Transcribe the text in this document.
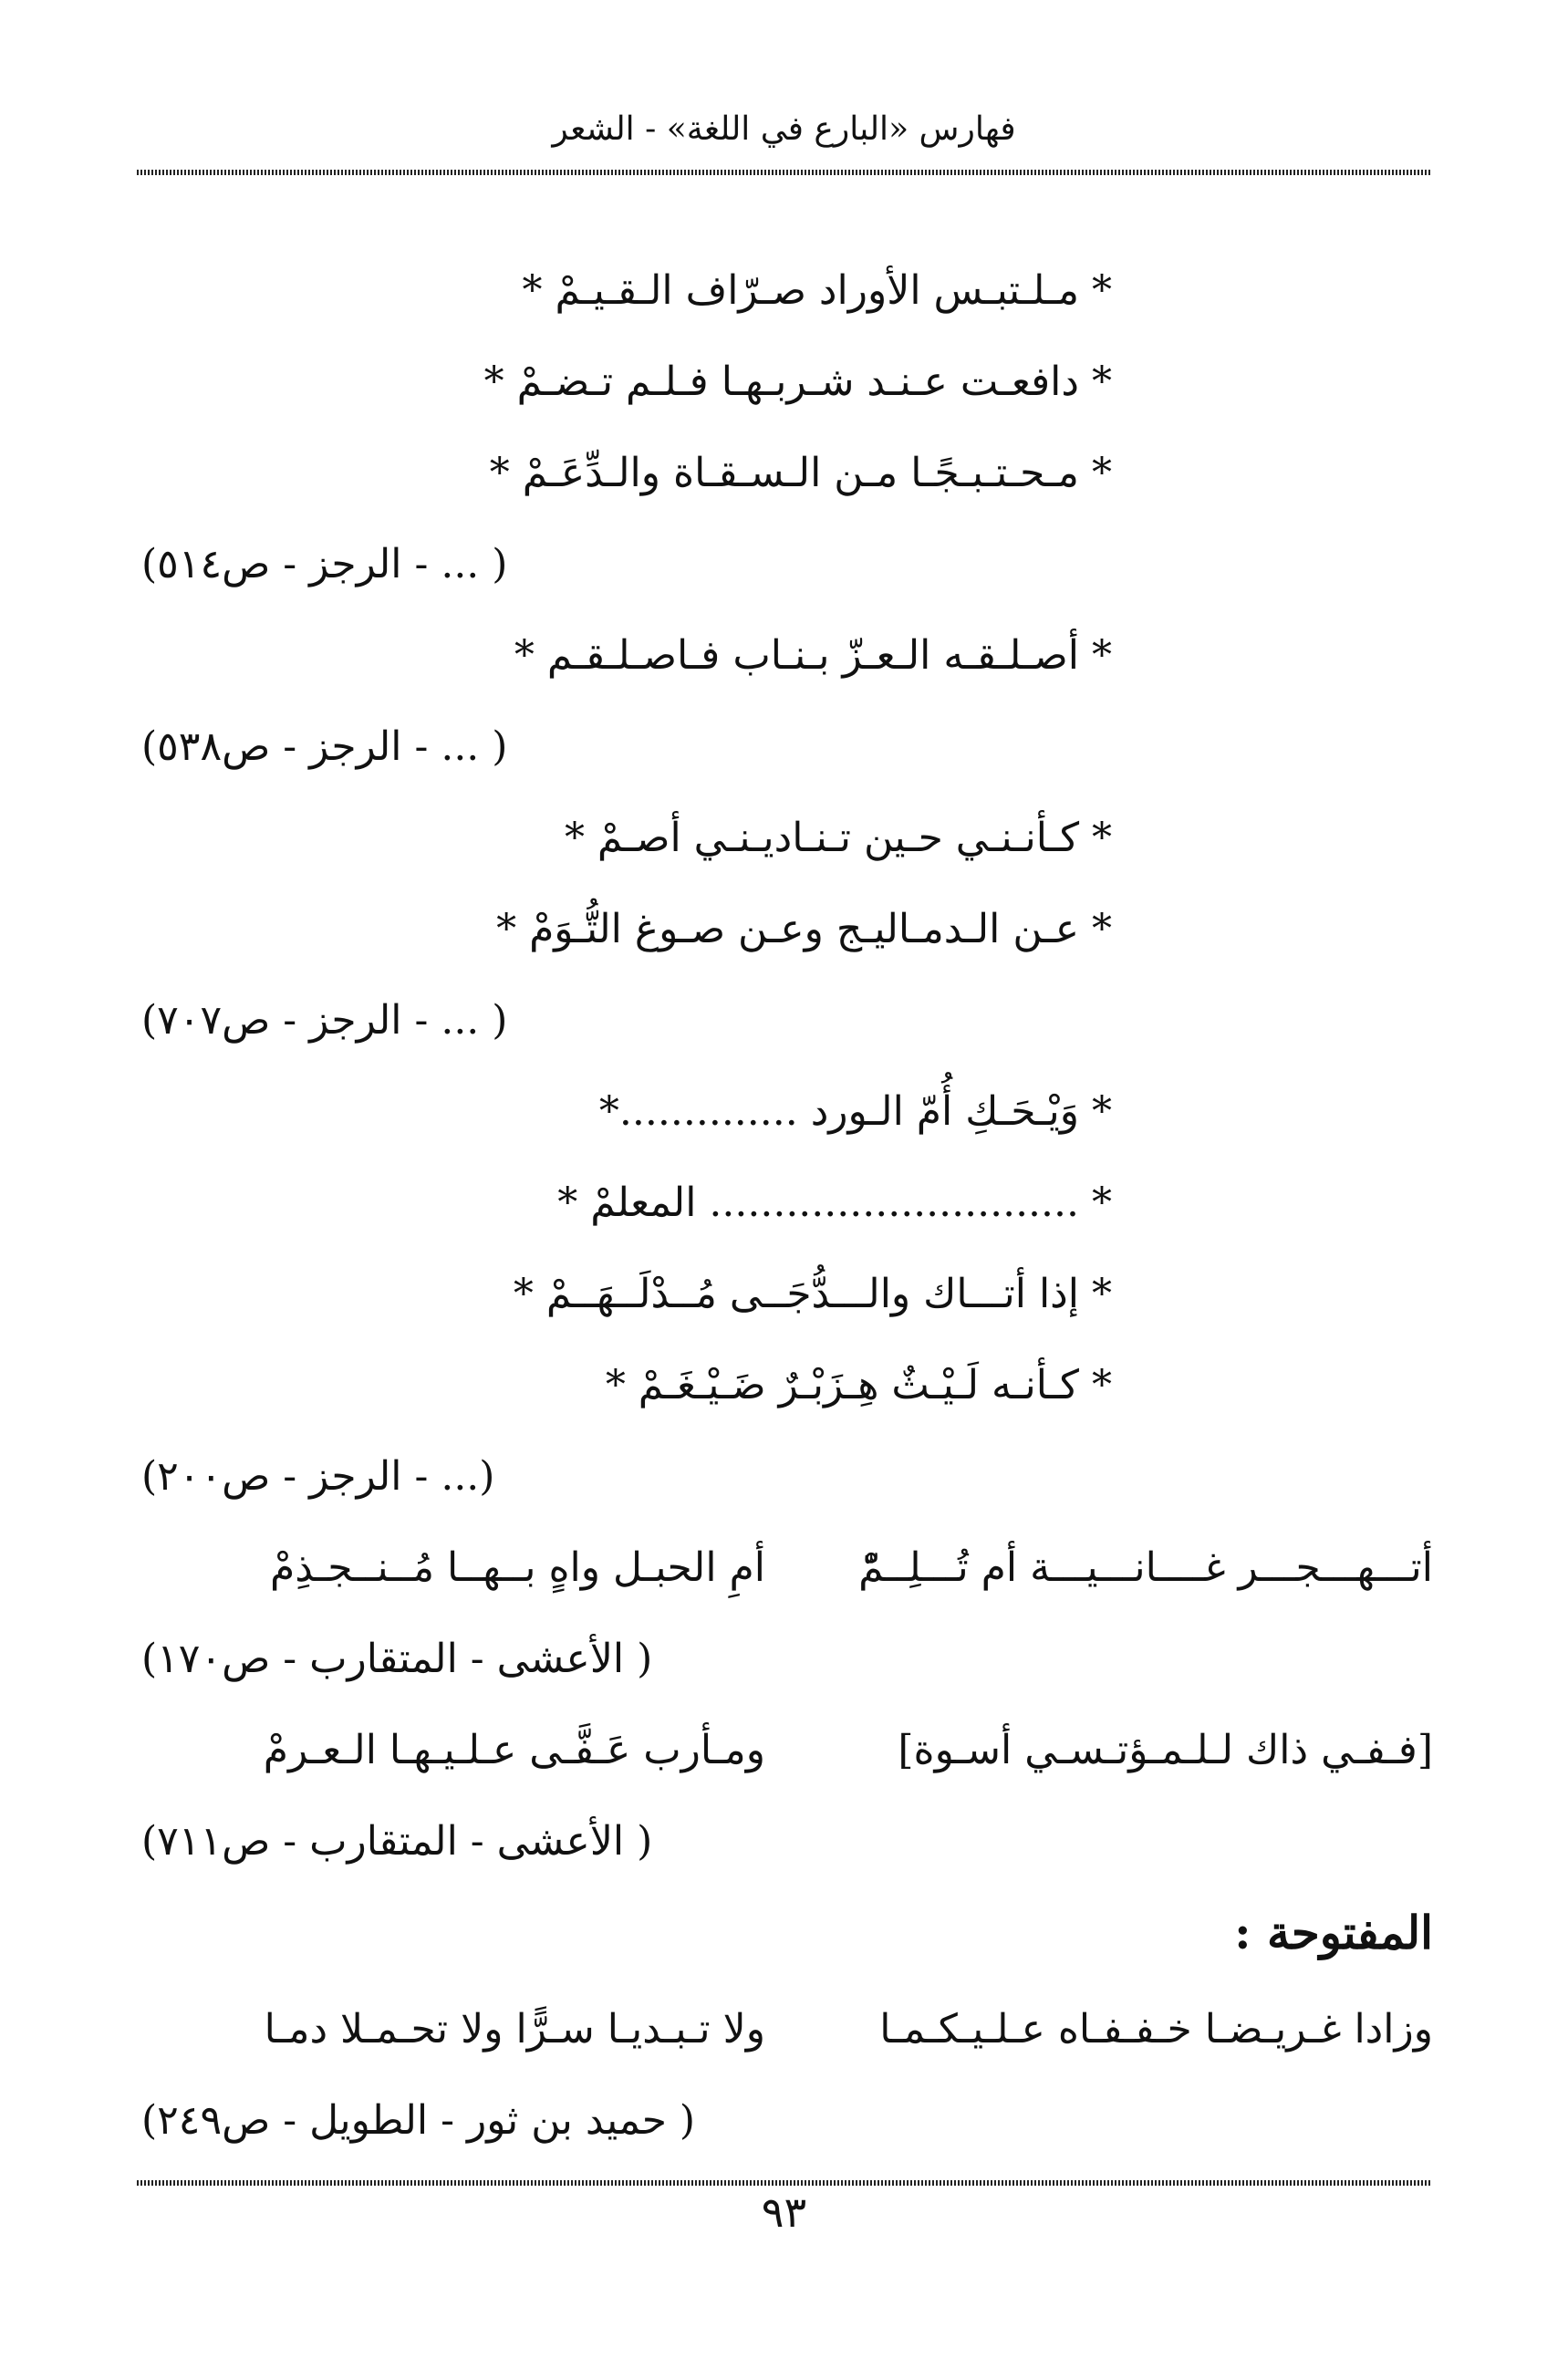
فهارس «البارع في اللغة» - الشعر
* مـلـتبـس الأوراد صـرّاف الـقـيـمْ *
* دافعـت عـنـد شـربـهـا فـلـم تـضـمْ *
* مـحـتـبـجًـا مـن الـسـقـاة والـدِّعَـمْ *
( ... - الرجز - ص٥١٤)
* أصـلـقـه الـعـزّ بـنـاب فـاصـلـقـم *
( ... - الرجز - ص٥٣٨)
* كـأنـنـي حـين تـنـاديـنـي أصـمْ *
* عـن الـدمـاليـج وعـن صـوغ التُّـوَمْ *
( ... - الرجز - ص٧٠٧)
* وَيْـحَـكِ أُمّ الـورد ..............*
* ............................. المعلمْ *
* إذا أتـــاك والـــدُّجَــى مُــدْلَــهَــمْ *
* كـأنـه لَـيْـثٌ هِـزَبْـرٌ ضَـيْـغَـمْ *
(... - الرجز - ص٢٠٠)
أتـــهـــجـــر غــــانـــيـــة أم تُـــلِــمّْ
أمِ الحبـل واهٍ بــهــا مُــنــجـذِمْ
( الأعشى - المتقارب - ص١٧٠)
[فـفـي ذاك لـلـمـؤتـسـي أسـوة]
ومـأرب عَـفَّـى عـلـيـهـا الـعـرمْ
( الأعشى - المتقارب - ص٧١١)
المفتوحة :
وزادا غـريـضـا خـفـفـاه عـلـيـكـمـا
ولا تـبـديـا سـرًّا ولا تحـمـلا دمـا
( حميد بن ثور - الطويل - ص٢٤٩)
٩٣
